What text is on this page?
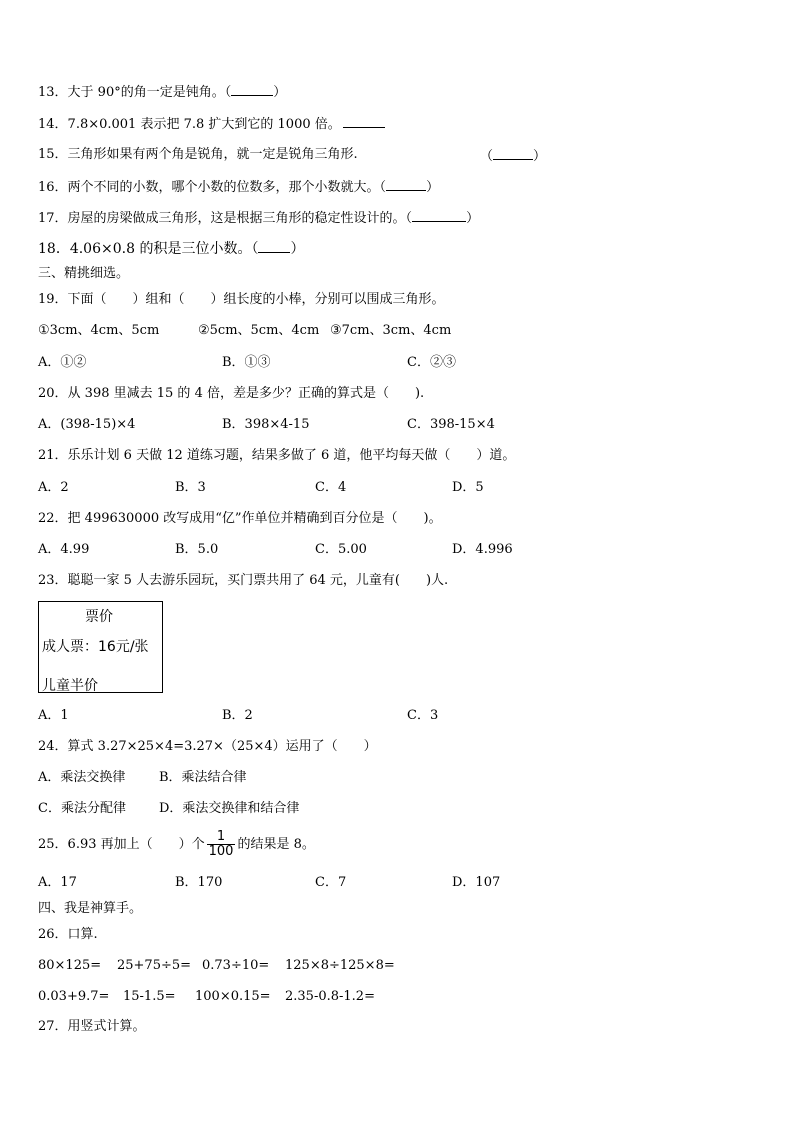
13．大于 90°的角一定是钝角。（	）
14．7.8×0.001 表示把 7.8 扩大到它的 1000 倍。
15．三角形如果有两个角是锐角，就一定是锐角三角形.	（	）
16．两个不同的小数，哪个小数的位数多，那个小数就大。（	）
17．房屋的房梁做成三角形，这是根据三角形的稳定性设计的。（	）
18．4.06×0.8 的积是三位小数。（ ）
三、精挑细选。
19．下面（　　）组和（　　）组长度的小棒，分别可以围成三角形。
①3cm、4cm、5cm	②5cm、5cm、4cm ③7cm、3cm、4cm
A．①②	B．①③	C．②③
20．从 398 里减去 15 的 4 倍，差是多少？正确的算式是（　　).
A．(398-15)×4	B．398×4-15	C．398-15×4
21．乐乐计划 6 天做 12 道练习题，结果多做了 6 道，他平均每天做（　　）道。
A．2	B．3	C．4	D．5
22．把 499630000 改写成用“亿”作单位并精确到百分位是（　　)。
A．4.99	B．5.0	C．5.00	D．4.996
23．聪聪一家 5 人去游乐园玩，买门票共用了 64 元，儿童有(　　)人.
票价
成人票：16元/张
儿童半价
A．1	B．2	C．3
24．算式 3.27×25×4=3.27×（25×4）运用了（　　）
A．乘法交换律	B．乘法结合律
C．乘法分配律	D．乘法交换律和结合律
25．6.93 再加上（　　）个 $\frac{1}{100}$ 的结果是 8。
A．17	B．170	C．7	D．107
四、我是神算手。
26．口算.
80×125= 25+75÷5= 0.73÷10= 125×8÷125×8=
0.03+9.7= 15-1.5= 100×0.15= 2.35-0.8-1.2=
27．用竖式计算。
